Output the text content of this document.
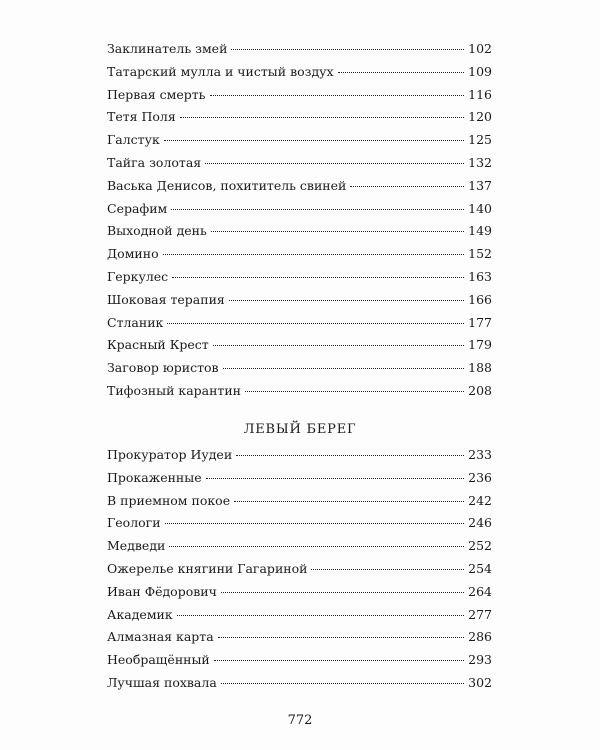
Заклинатель змей	102
Татарский мулла и чистый воздух	109
Первая смерть	116
Тетя Поля	120
Галстук	125
Тайга золотая	132
Васька Денисов, похититель свиней	137
Серафим	140
Выходной день	149
Домино	152
Геркулес	163
Шоковая терапия	166
Стланик	177
Красный Крест	179
Заговор юристов	188
Тифозный карантин	208
ЛЕВЫЙ БЕРЕГ
Прокуратор Иудеи	233
Прокаженные	236
В приемном покое	242
Геологи	246
Медведи	252
Ожерелье княгини Гагариной	254
Иван Фёдорович	264
Академик	277
Алмазная карта	286
Необращённый	293
Лучшая похвала	302
772
